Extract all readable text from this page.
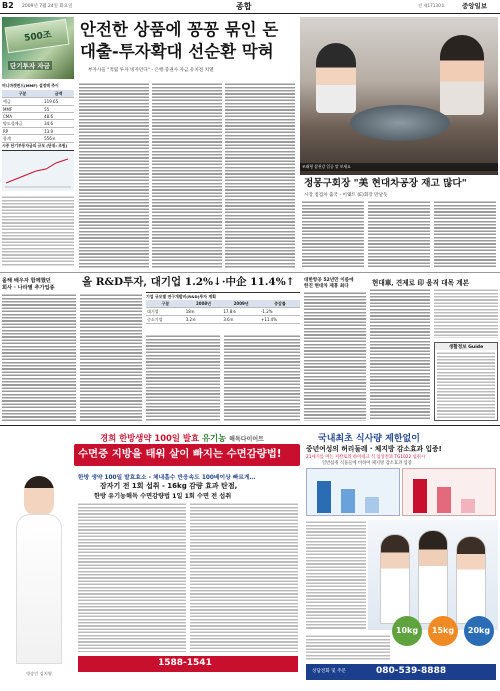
B2 2009년 7월 24일 화요일	종합	전 제17130호	중앙일보
500조
단기투자 자금
안전한 상품에 꽁꽁 묶인 돈
대출-투자확대 선순환 막혀
부자사들 "적립 투자 빙자던다" - 은행·증권사 자금 유치전 치열
머니마켓펀드(MMF) 설정액 추이
구분	금액
예금	119.65
MMF	55
CMA	48.6
양도성예금	34.6
RP	13.9
합계	556조
시중 단기부동자금의 규모 (단위: 조원)
조태형 삼천강 입공 맞 보세요
정몽구회장 "美 현대차공장 재고 많다"
시장 점검차 출국 - 이웨트 (E)회장 만날듯
올해 배우자 함께했던
회사 · 나라별 추가업종	올 R&D투자, 대기업 1.2%↓·中企 11.4%↑
기업 규모별 연구개발비(R&D)투자 계획
구분	2008년	2009년	증감률
대기업	18조	17.8조	-1.2%
중소기업	3.2조	3.6조	+11.4%
대한항공 52년만 이름에
한진 현대차 제휴 최다	현대車, 견제로 印 움직 대목 계본
생활정보 Guide
경희 한방생약 100일 발효 유기농 해독다이어트
수면중 지방을 태워 살이 빠지는 수면감량법!
방송인 김지영
한방 생약 100일 발효효소 - 체내흡수 반응속도 100배이상 빠르게…
잠자기 전 1회 섭취 - 16kg 감량 효과 탄점,
한방 유기농해독 수면감량법 1일 1회 수면 전 섭취
1588-1541
국내최초 식사량 제한없이
중년여성의 허리둘레 · 체지방 감소효과 입증!
21세기를 여는 저칼로리 하이테크 식 임상결과 TG1022 섭취시
일반섭취 식품들에 비하여 체지방 감소효과 입증
10kg	15kg	20kg
상담전화 및 주문	080-539-8888
